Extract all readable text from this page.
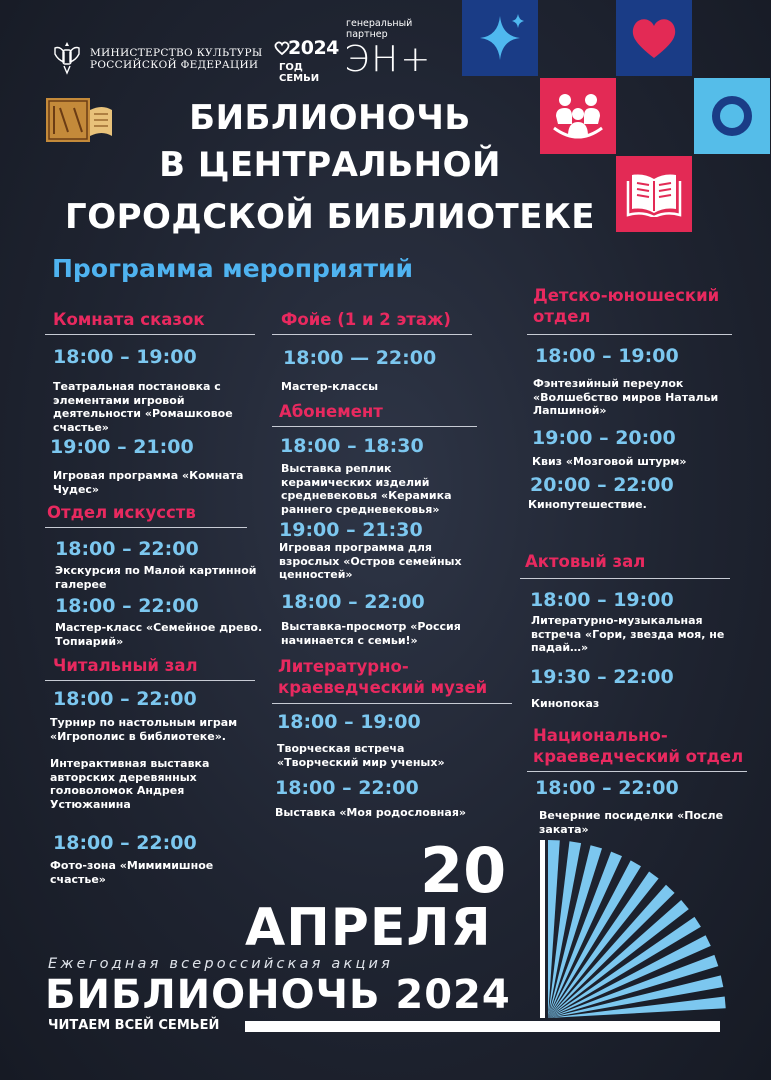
МИНИСТЕРСТВО КУЛЬТУРЫ
РОССИЙСКОЙ ФЕДЕРАЦИИ
2024
ГОД СЕМЬИ
генеральный
партнер
ЭН+
БИБЛИОНОЧЬ
В ЦЕНТРАЛЬНОЙ
ГОРОДСКОЙ БИБЛИОТЕКЕ
Программа мероприятий
Комната сказок
18:00 – 19:00
Театральная постановка с элементами игровой деятельности «Ромашковое счастье»
19:00 – 21:00
Игровая программа «Комната Чудес»
Отдел искусств
18:00 – 22:00
Экскурсия по Малой картинной галерее
18:00 – 22:00
Мастер-класс «Семейное древо. Топиарий»
Читальный зал
18:00 – 22:00
Турнир по настольным играм «Игрополис в библиотеке».
Интерактивная выставка авторских деревянных головоломок Андрея Устюжанина
18:00 – 22:00
Фото-зона «Мимимишное счастье»
Фойе (1 и 2 этаж)
18:00 — 22:00
Мастер-классы
Абонемент
18:00 – 18:30
Выставка реплик керамических изделий средневековья «Керамика раннего средневековья»
19:00 – 21:30
Игровая программа для взрослых «Остров семейных ценностей»
18:00 – 22:00
Выставка-просмотр «Россия начинается с семьи!»
Литературно-краеведческий музей
18:00 – 19:00
Творческая встреча «Творческий мир ученых»
18:00 – 22:00
Выставка «Моя родословная»
Детско-юношеский отдел
18:00 – 19:00
Фэнтезийный переулок «Волшебство миров Натальи Лапшиной»
19:00 – 20:00
Квиз «Мозговой штурм»
20:00 – 22:00
Кинопутешествие.
Актовый зал
18:00 – 19:00
Литературно-музыкальная встреча «Гори, звезда моя, не падай…»
19:30 – 22:00
Кинопоказ
Национально-краеведческий отдел
18:00 – 22:00
Вечерние посиделки «После заката»
20
АПРЕЛЯ
Ежегодная всероссийская акция
БИБЛИОНОЧЬ 2024
ЧИТАЕМ ВСЕЙ СЕМЬЕЙ
